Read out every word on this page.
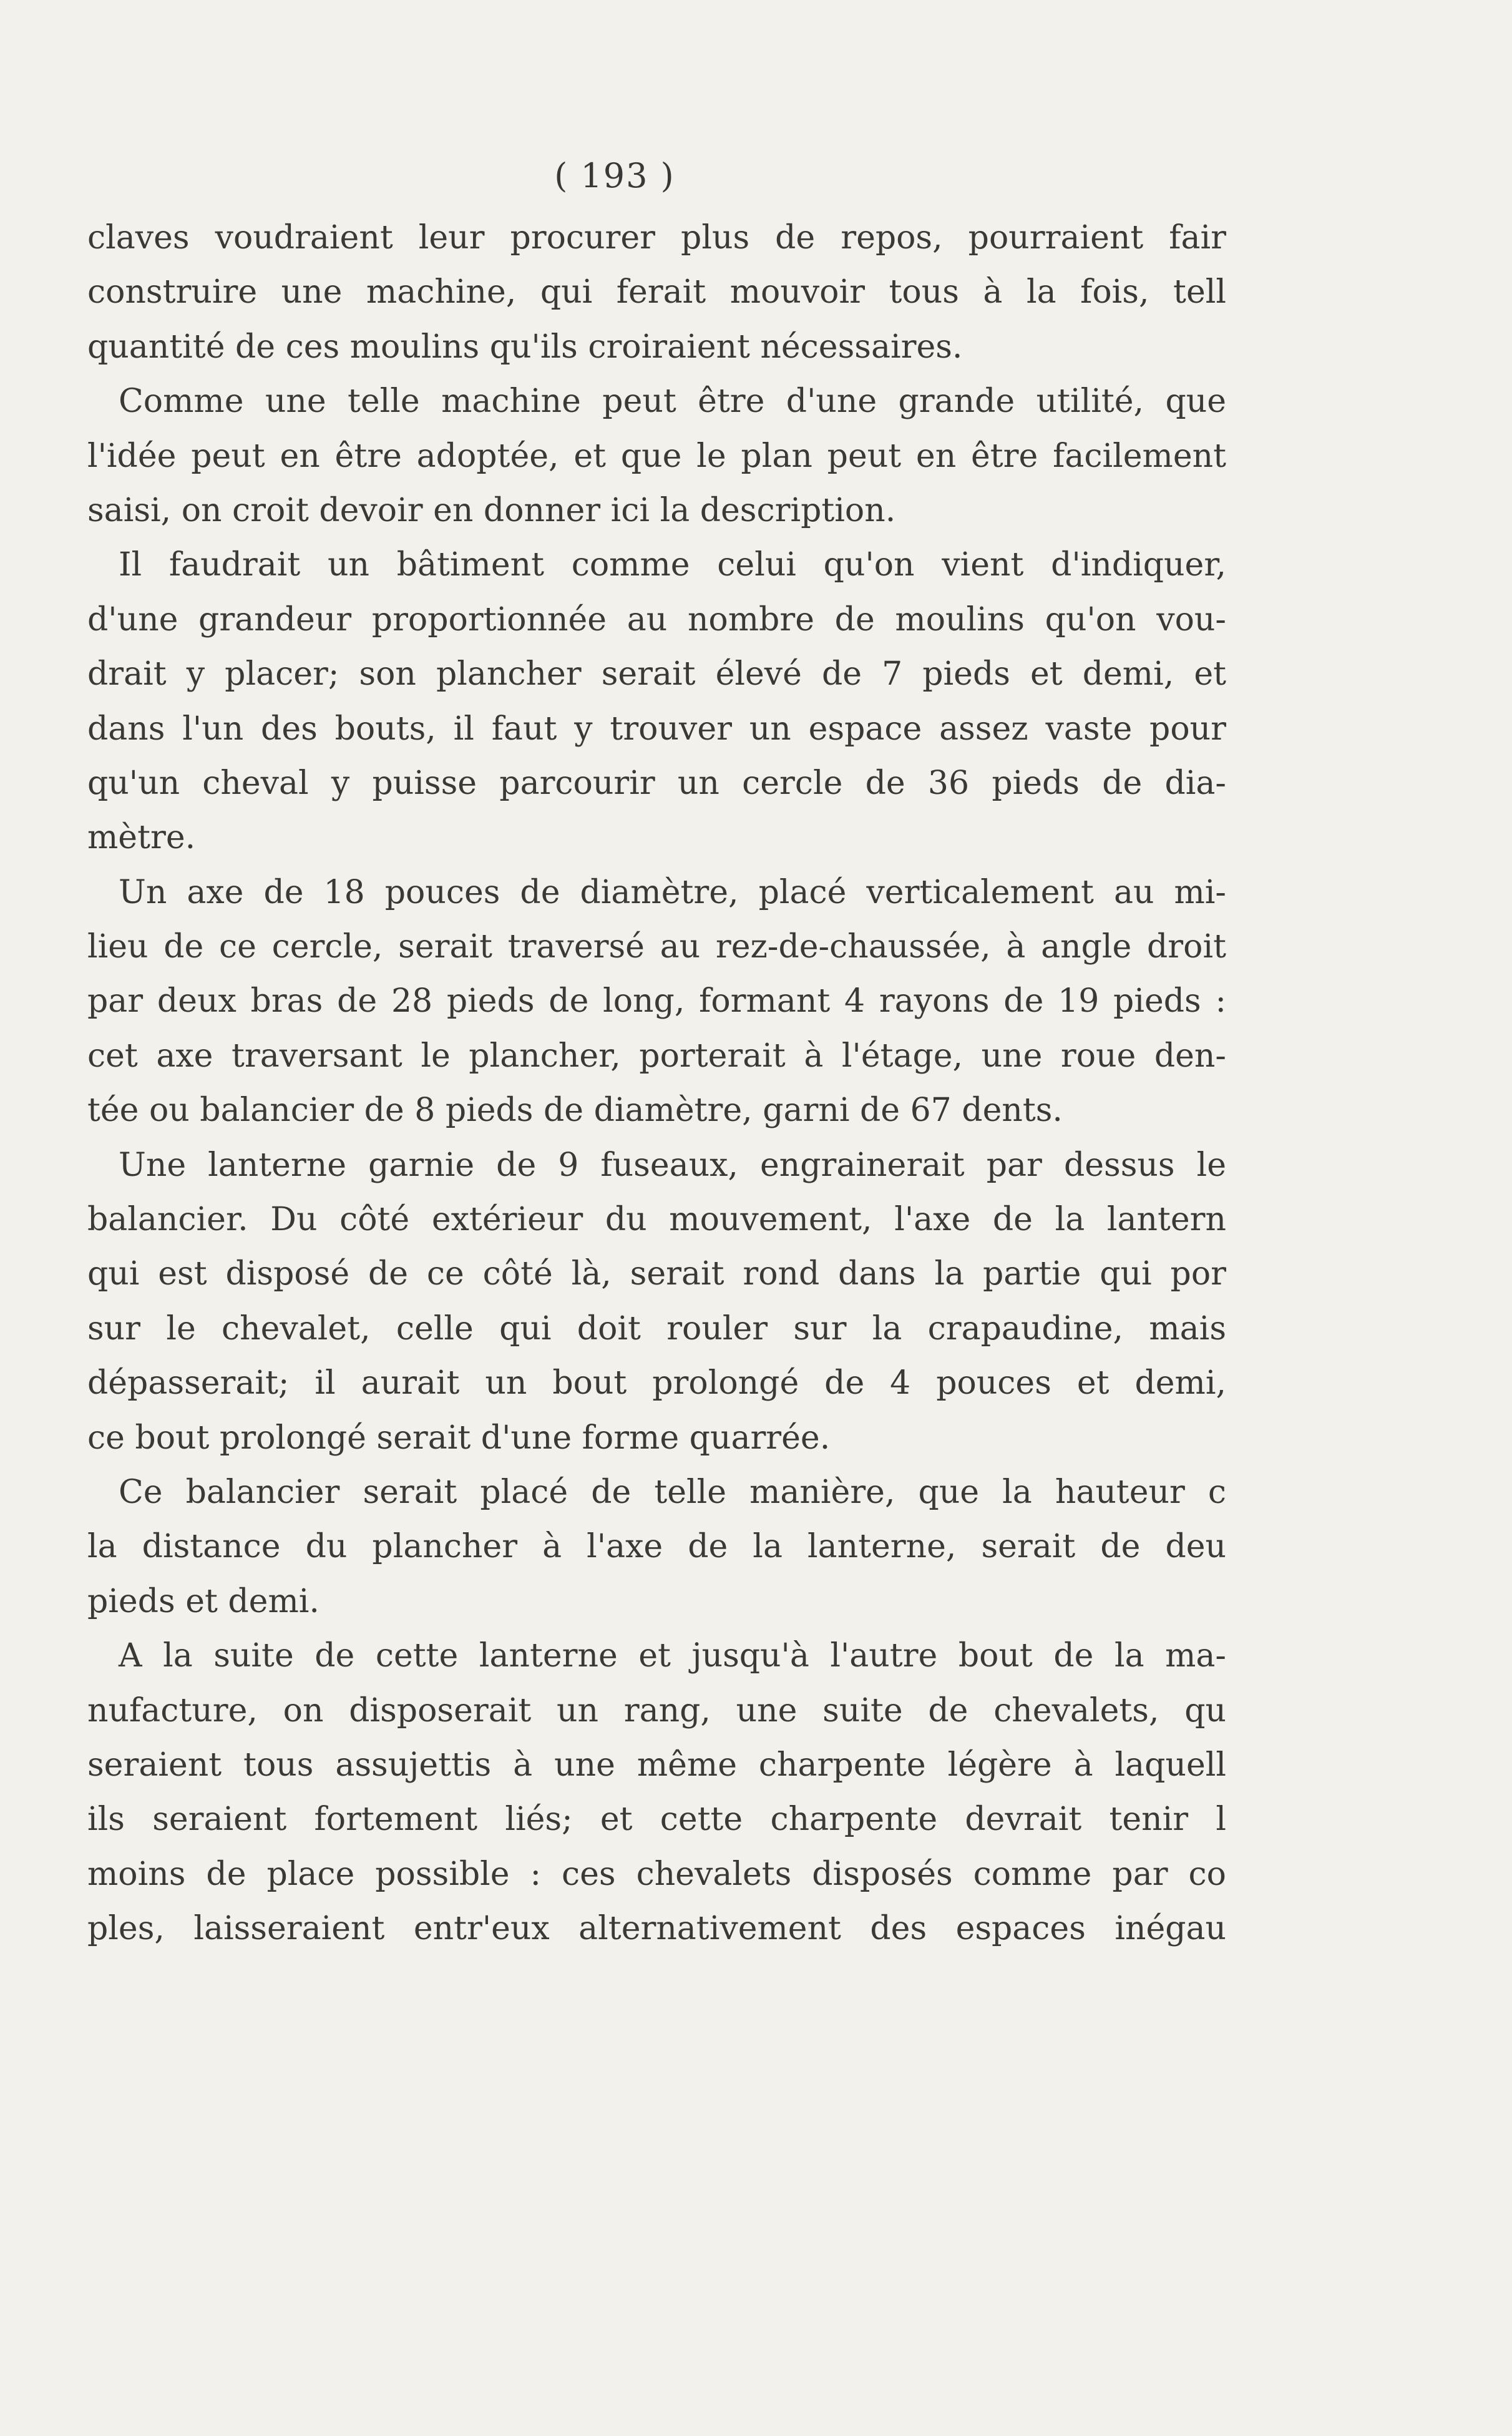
( 193 )
claves voudraient leur procurer plus de repos, pourraient fair
construire une machine, qui ferait mouvoir tous à la fois, tell
quantité de ces moulins qu'ils croiraient nécessaires.
Comme une telle machine peut être d'une grande utilité, que
l'idée peut en être adoptée, et que le plan peut en être facilement
saisi, on croit devoir en donner ici la description.
Il faudrait un bâtiment comme celui qu'on vient d'indiquer,
d'une grandeur proportionnée au nombre de moulins qu'on vou-
drait y placer; son plancher serait élevé de 7 pieds et demi, et
dans l'un des bouts, il faut y trouver un espace assez vaste pour
qu'un cheval y puisse parcourir un cercle de 36 pieds de dia-
mètre.
Un axe de 18 pouces de diamètre, placé verticalement au mi-
lieu de ce cercle, serait traversé au rez-de-chaussée, à angle droit
par deux bras de 28 pieds de long, formant 4 rayons de 19 pieds :
cet axe traversant le plancher, porterait à l'étage, une roue den-
tée ou balancier de 8 pieds de diamètre, garni de 67 dents.
Une lanterne garnie de 9 fuseaux, engrainerait par dessus le
balancier. Du côté extérieur du mouvement, l'axe de la lantern
qui est disposé de ce côté là, serait rond dans la partie qui por
sur le chevalet, celle qui doit rouler sur la crapaudine, mais
dépasserait; il aurait un bout prolongé de 4 pouces et demi,
ce bout prolongé serait d'une forme quarrée.
Ce balancier serait placé de telle manière, que la hauteur c
la distance du plancher à l'axe de la lanterne, serait de deu
pieds et demi.
A la suite de cette lanterne et jusqu'à l'autre bout de la ma-
nufacture, on disposerait un rang, une suite de chevalets, qu
seraient tous assujettis à une même charpente légère à laquell
ils seraient fortement liés; et cette charpente devrait tenir l
moins de place possible : ces chevalets disposés comme par co
ples, laisseraient entr'eux alternativement des espaces inégau
